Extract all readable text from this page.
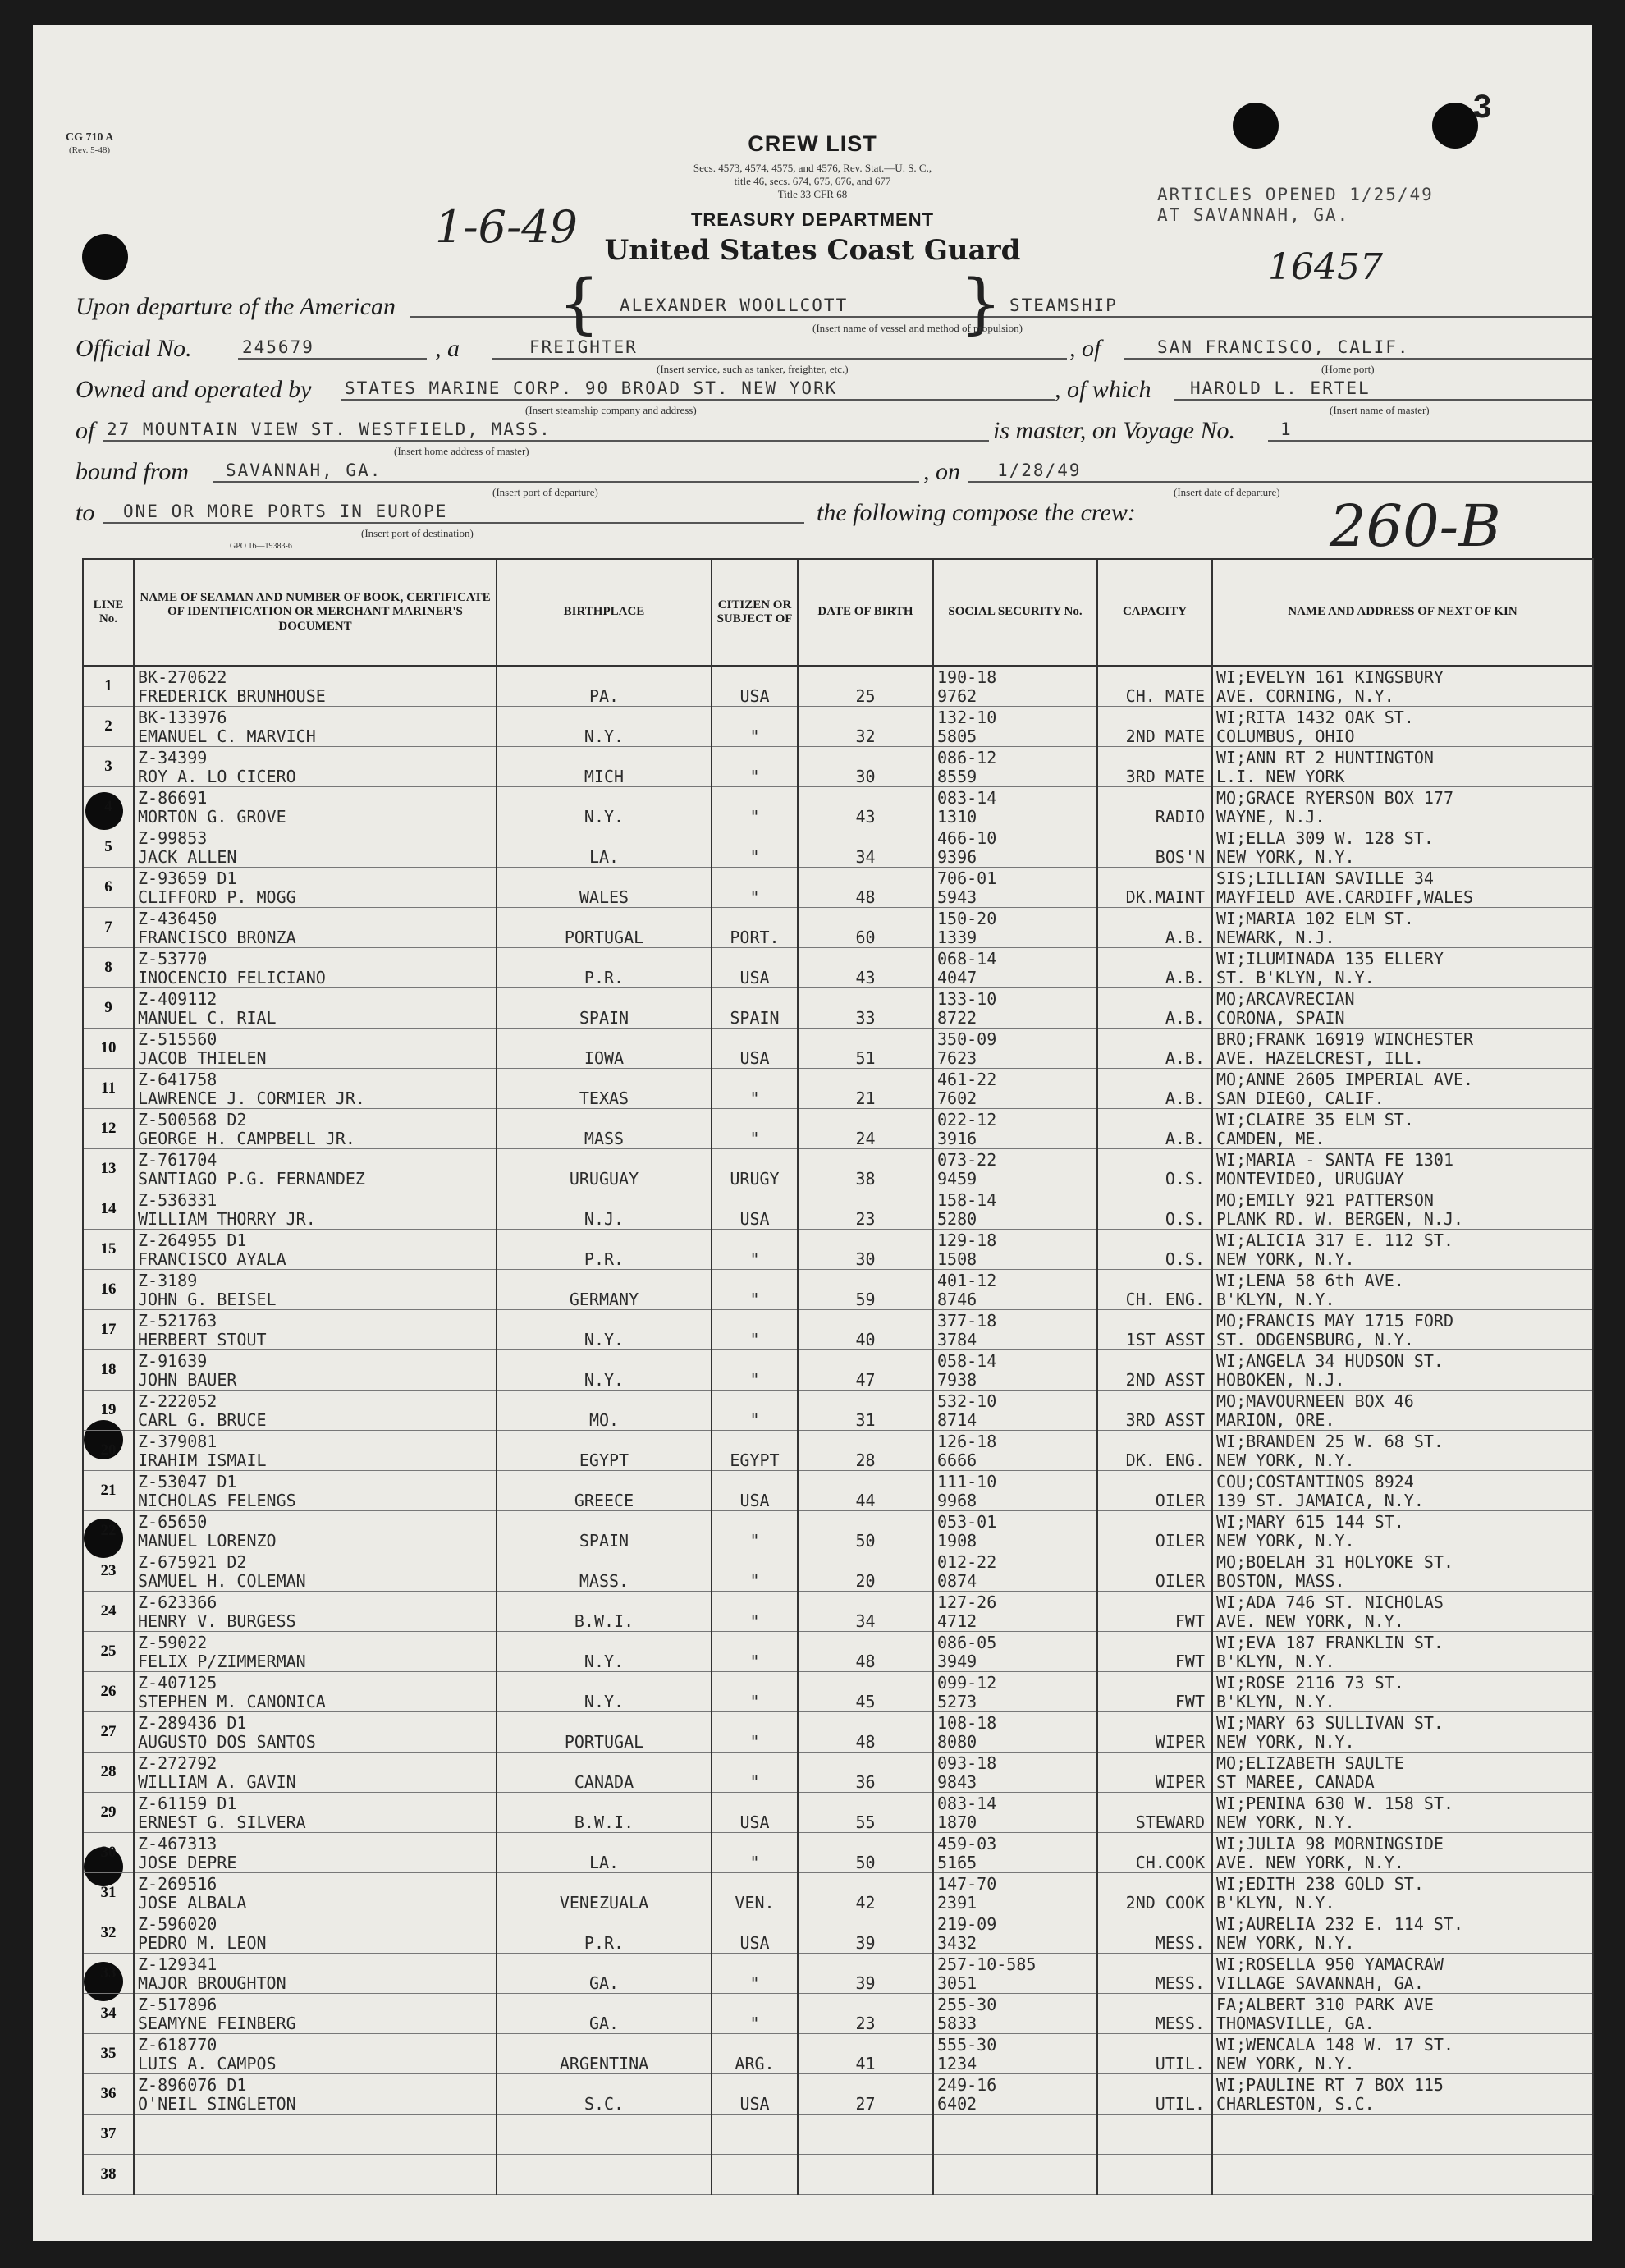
CG 710 A
(Rev. 5-48)
3
CREW LIST
Secs. 4573, 4574, 4575, and 4576, Rev. Stat.—U. S. C.,
title 46, secs. 674, 675, 676, and 677
Title 33 CFR 68
TREASURY DEPARTMENT
United States Coast Guard
1-6-49
16457
ARTICLES OPENED 1/25/49
AT SAVANNAH, GA.
260-B
Upon departure of the American { ALEXANDER WOOLLCOTT } STEAMSHIP
(Insert name of vessel and method of propulsion)
Official No.	245679	, a	FREIGHTER
(Insert service, such as tanker, freighter, etc.)
, of	SAN FRANCISCO, CALIF.
(Home port)
Owned and operated by STATES MARINE CORP. 90 BROAD ST. NEW YORK
(Insert steamship company and address)
, of which HAROLD L. ERTEL
(Insert name of master)
of 27 MOUNTAIN VIEW ST. WESTFIELD, MASS.
(Insert home address of master)
is master, on Voyage No.	1
bound from SAVANNAH, GA.
(Insert port of departure)
, on 1/28/49
(Insert date of departure)
to ONE OR MORE PORTS IN EUROPE
(Insert port of destination)
the following compose the crew:
GPO 16—19383-6
LINE No.	NAME OF SEAMAN AND NUMBER OF BOOK, CERTIFICATE OF IDENTIFICATION OR MERCHANT MARINER'S DOCUMENT	BIRTHPLACE	CITIZEN OR SUBJECT OF	DATE OF BIRTH	SOCIAL SECURITY No.	CAPACITY	NAME AND ADDRESS OF NEXT OF KIN
1	BK-270622
FREDERICK BRUNHOUSE	PA.	USA	25	190-18
9762	CH. MATE	WI;EVELYN 161 KINGSBURY
AVE. CORNING, N.Y.

2	BK-133976
EMANUEL C. MARVICH	N.Y.	"	32	132-10
5805	2ND MATE	WI;RITA 1432 OAK ST.
COLUMBUS, OHIO

3	Z-34399
ROY A. LO CICERO	MICH	"	30	086-12
8559	3RD MATE	WI;ANN RT 2 HUNTINGTON
L.I. NEW YORK

4	Z-86691
MORTON G. GROVE	N.Y.	"	43	083-14
1310	RADIO	MO;GRACE RYERSON BOX 177
WAYNE, N.J.

5	Z-99853
JACK ALLEN	LA.	"	34	466-10
9396	BOS'N	WI;ELLA 309 W. 128 ST.
NEW YORK, N.Y.

6	Z-93659 D1
CLIFFORD P. MOGG	WALES	"	48	706-01
5943	DK.MAINT	SIS;LILLIAN SAVILLE 34
MAYFIELD AVE.CARDIFF,WALES

7	Z-436450
FRANCISCO BRONZA	PORTUGAL	PORT.	60	150-20
1339	A.B.	WI;MARIA 102 ELM ST.
NEWARK, N.J.

8	Z-53770
INOCENCIO FELICIANO	P.R.	USA	43	068-14
4047	A.B.	WI;ILUMINADA 135 ELLERY
ST. B'KLYN, N.Y.

9	Z-409112
MANUEL C. RIAL	SPAIN	SPAIN	33	133-10
8722	A.B.	MO;ARCAVRECIAN
CORONA, SPAIN

10	Z-515560
JACOB THIELEN	IOWA	USA	51	350-09
7623	A.B.	BRO;FRANK 16919 WINCHESTER
AVE. HAZELCREST, ILL.

11	Z-641758
LAWRENCE J. CORMIER JR.	TEXAS	"	21	461-22
7602	A.B.	MO;ANNE 2605 IMPERIAL AVE.
SAN DIEGO, CALIF.

12	Z-500568 D2
GEORGE H. CAMPBELL JR.	MASS	"	24	022-12
3916	A.B.	WI;CLAIRE 35 ELM ST.
CAMDEN, ME.

13	Z-761704
SANTIAGO P.G. FERNANDEZ	URUGUAY	URUGY	38	073-22
9459	O.S.	WI;MARIA - SANTA FE 1301
MONTEVIDEO, URUGUAY

14	Z-536331
WILLIAM THORRY JR.	N.J.	USA	23	158-14
5280	O.S.	MO;EMILY 921 PATTERSON
PLANK RD. W. BERGEN, N.J.

15	Z-264955 D1
FRANCISCO AYALA	P.R.	"	30	129-18
1508	O.S.	WI;ALICIA 317 E. 112 ST.
NEW YORK, N.Y.

16	Z-3189
JOHN G. BEISEL	GERMANY	"	59	401-12
8746	CH. ENG.	WI;LENA 58 6th AVE.
B'KLYN, N.Y.

17	Z-521763
HERBERT STOUT	N.Y.	"	40	377-18
3784	1ST ASST	MO;FRANCIS MAY 1715 FORD
ST. ODGENSBURG, N.Y.

18	Z-91639
JOHN BAUER	N.Y.	"	47	058-14
7938	2ND ASST	WI;ANGELA 34 HUDSON ST.
HOBOKEN, N.J.

19	Z-222052
CARL G. BRUCE	MO.	"	31	532-10
8714	3RD ASST	MO;MAVOURNEEN BOX 46
MARION, ORE.

20	Z-379081
IRAHIM ISMAIL	EGYPT	EGYPT	28	126-18
6666	DK. ENG.	WI;BRANDEN 25 W. 68 ST.
NEW YORK, N.Y.

21	Z-53047 D1
NICHOLAS FELENGS	GREECE	USA	44	111-10
9968	OILER	COU;COSTANTINOS 8924
139 ST. JAMAICA, N.Y.

22	Z-65650
MANUEL LORENZO	SPAIN	"	50	053-01
1908	OILER	WI;MARY 615 144 ST.
NEW YORK, N.Y.

23	Z-675921 D2
SAMUEL H. COLEMAN	MASS.	"	20	012-22
0874	OILER	MO;BOELAH 31 HOLYOKE ST.
BOSTON, MASS.

24	Z-623366
HENRY V. BURGESS	B.W.I.	"	34	127-26
4712	FWT	WI;ADA 746 ST. NICHOLAS
AVE. NEW YORK, N.Y.

25	Z-59022
FELIX P/ZIMMERMAN	N.Y.	"	48	086-05
3949	FWT	WI;EVA 187 FRANKLIN ST.
B'KLYN, N.Y.

26	Z-407125
STEPHEN M. CANONICA	N.Y.	"	45	099-12
5273	FWT	WI;ROSE 2116 73 ST.
B'KLYN, N.Y.

27	Z-289436 D1
AUGUSTO DOS SANTOS	PORTUGAL	"	48	108-18
8080	WIPER	WI;MARY 63 SULLIVAN ST.
NEW YORK, N.Y.

28	Z-272792
WILLIAM A. GAVIN	CANADA	"	36	093-18
9843	WIPER	MO;ELIZABETH SAULTE
ST MAREE, CANADA

29	Z-61159 D1
ERNEST G. SILVERA	B.W.I.	USA	55	083-14
1870	STEWARD	WI;PENINA 630 W. 158 ST.
NEW YORK, N.Y.

30	Z-467313
JOSE DEPRE	LA.	"	50	459-03
5165	CH.COOK	WI;JULIA 98 MORNINGSIDE
AVE. NEW YORK, N.Y.

31	Z-269516
JOSE ALBALA	VENEZUALA	VEN.	42	147-70
2391	2ND COOK	WI;EDITH 238 GOLD ST.
B'KLYN, N.Y.

32	Z-596020
PEDRO M. LEON	P.R.	USA	39	219-09
3432	MESS.	WI;AURELIA 232 E. 114 ST.
NEW YORK, N.Y.

33	Z-129341
MAJOR BROUGHTON	GA.	"	39	257-10-585
3051	MESS.	WI;ROSELLA 950 YAMACRAW
VILLAGE SAVANNAH, GA.

34	Z-517896
SEAMYNE FEINBERG	GA.	"	23	255-30
5833	MESS.	FA;ALBERT 310 PARK AVE
THOMASVILLE, GA.

35	Z-618770
LUIS A. CAMPOS	ARGENTINA	ARG.	41	555-30
1234	UTIL.	WI;WENCALA 148 W. 17 ST.
NEW YORK, N.Y.

36	Z-896076 D1
O'NEIL SINGLETON	S.C.	USA	27	249-16
6402	UTIL.	WI;PAULINE RT 7 BOX 115
CHARLESTON, S.C.

37	

38	
